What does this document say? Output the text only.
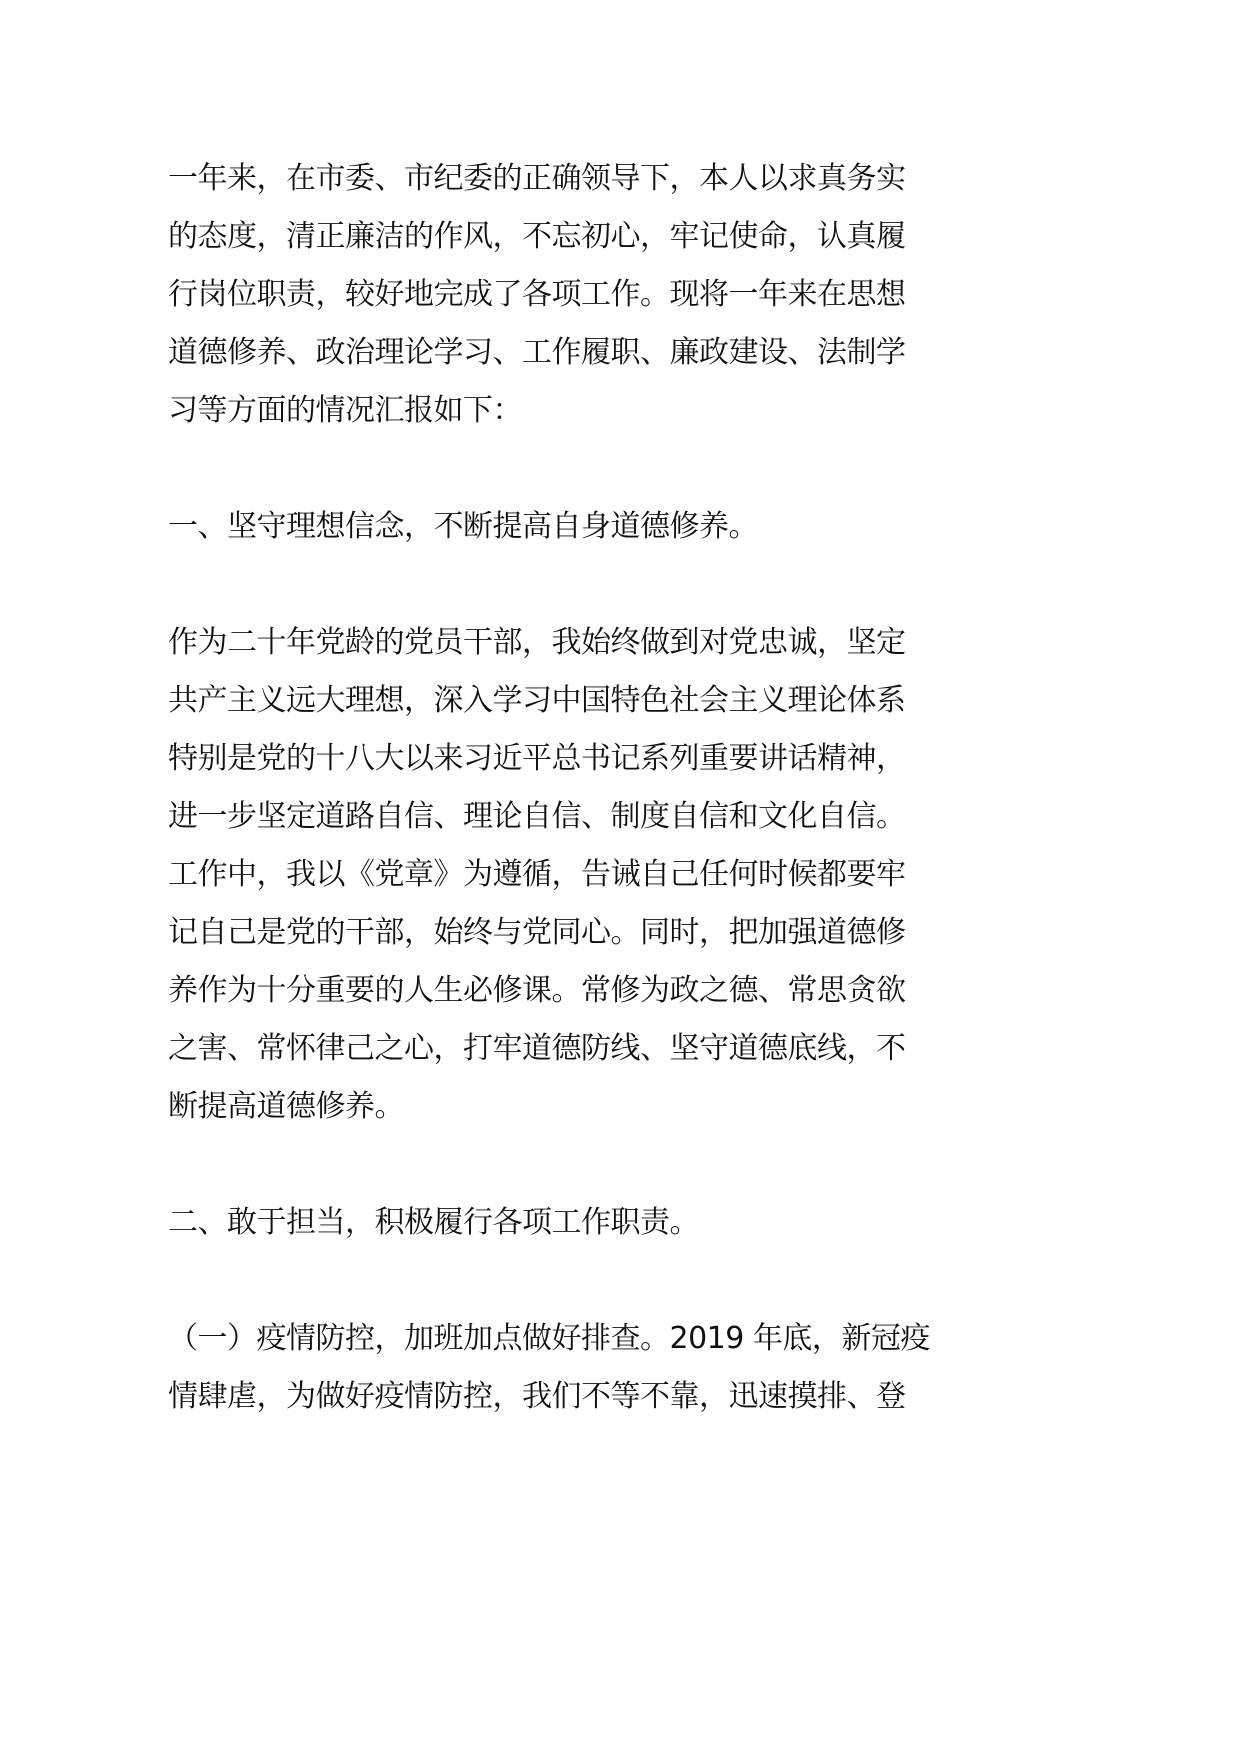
一年来，在市委、市纪委的正确领导下，本人以求真务实
的态度，清正廉洁的作风，不忘初心，牢记使命，认真履
行岗位职责，较好地完成了各项工作。现将一年来在思想
道德修养、政治理论学习、工作履职、廉政建设、法制学
习等方面的情况汇报如下：
一、坚守理想信念，不断提高自身道德修养。
作为二十年党龄的党员干部，我始终做到对党忠诚，坚定
共产主义远大理想，深入学习中国特色社会主义理论体系
特别是党的十八大以来习近平总书记系列重要讲话精神，
进一步坚定道路自信、理论自信、制度自信和文化自信。
工作中，我以《党章》为遵循，告诫自己任何时候都要牢
记自己是党的干部，始终与党同心。同时，把加强道德修
养作为十分重要的人生必修课。常修为政之德、常思贪欲
之害、常怀律己之心，打牢道德防线、坚守道德底线，不
断提高道德修养。
二、敢于担当，积极履行各项工作职责。
（一）疫情防控，加班加点做好排查。2019 年底，新冠疫
情肆虐，为做好疫情防控，我们不等不靠，迅速摸排、登
